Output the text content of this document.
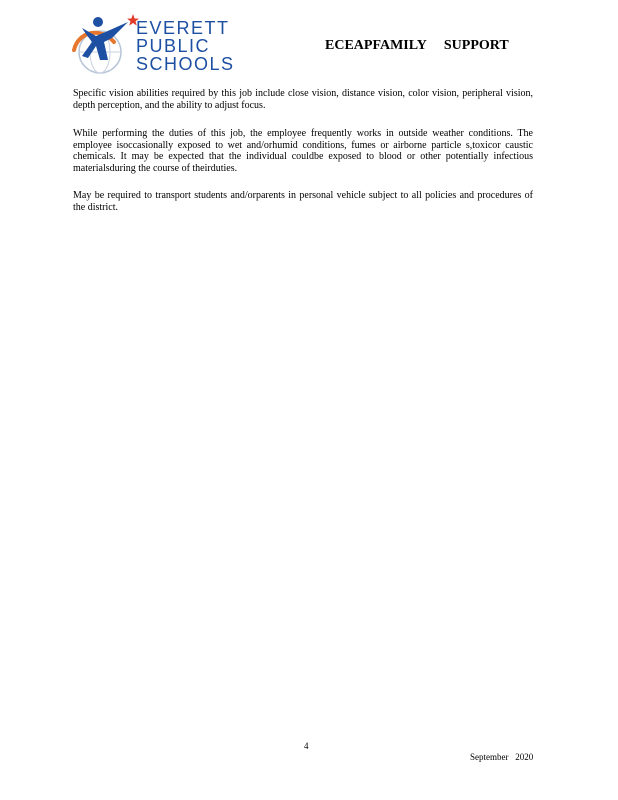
EVERETT
PUBLIC
SCHOOLS
ECEAPFAMILY     SUPPORT

Specific vision abilities required by this job include close vision, distance vision, color vision, peripheral vision, depth perception, and the ability to adjust focus.

While performing the duties of this job, the employee frequently works in outside weather conditions. The employee isoccasionally exposed to wet and/orhumid conditions, fumes or airborne particle s,toxicor caustic chemicals. It may be expected that the individual couldbe exposed to blood or other potentially infectious materialsduring the course of theirduties.

May be required to transport students and/orparents in personal vehicle subject to all policies and procedures of the district.

4
September   2020
